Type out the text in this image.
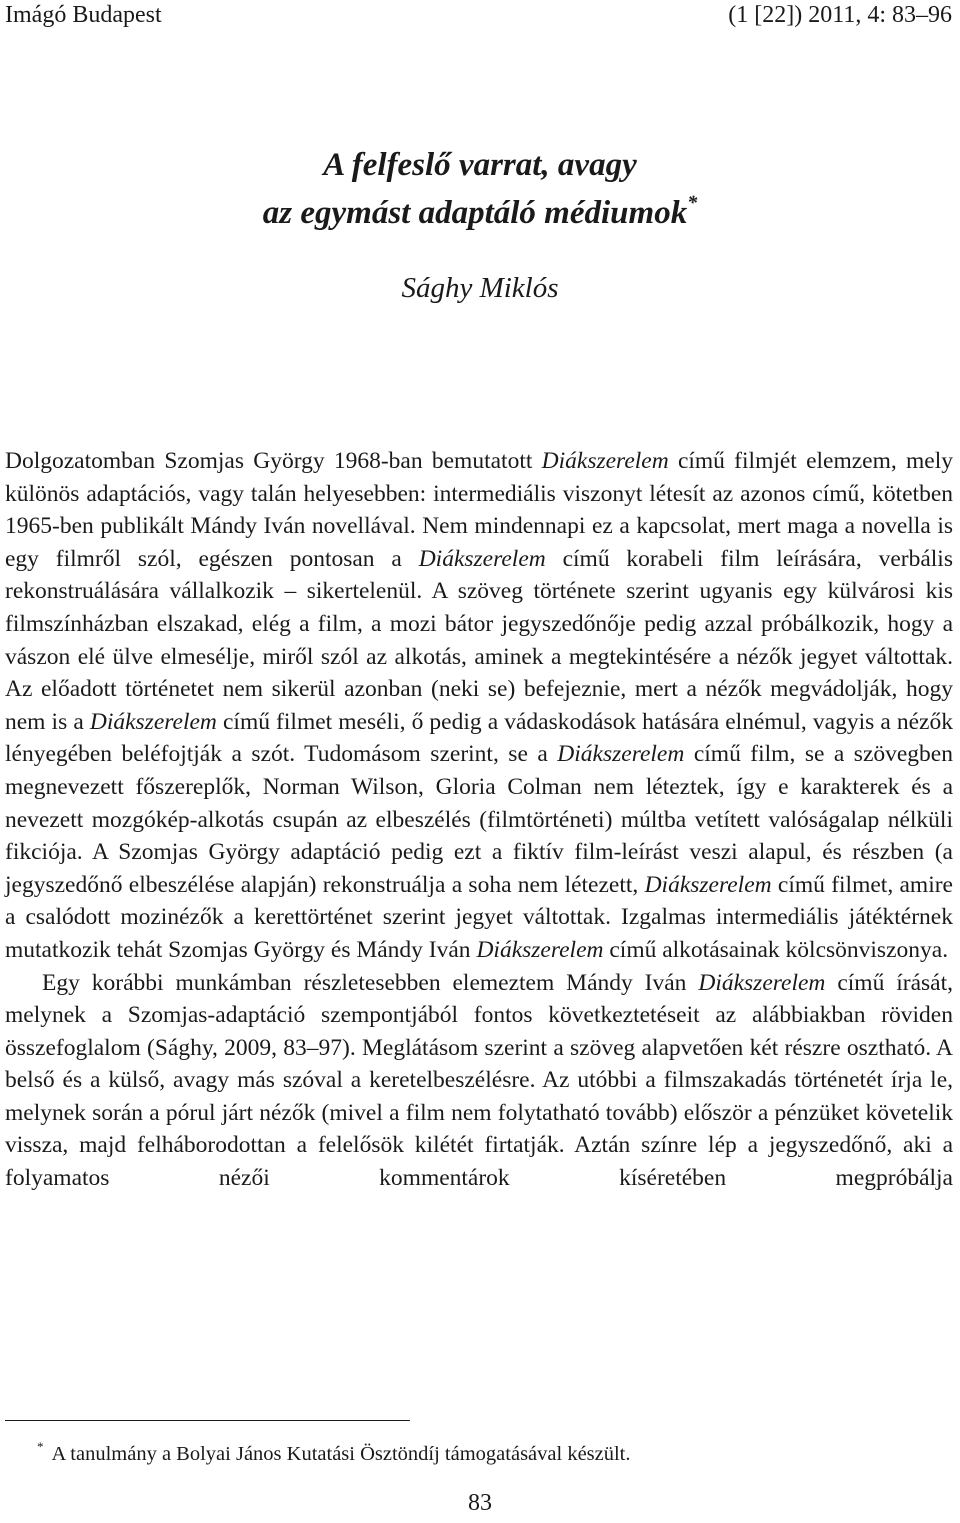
Imágó Budapest	(1 [22]) 2011, 4: 83–96
A felfeslő varrat, avagy
az egymást adaptáló médiumok*
Sághy Miklós

Dolgozatomban Szomjas György 1968-ban bemutatott Diákszerelem című filmjét elemzem, mely különös adaptációs, vagy talán helyesebben: intermediális viszonyt létesít az azonos című, kötetben 1965-ben publikált Mándy Iván novellával. Nem mindennapi ez a kapcsolat, mert maga a novella is egy filmről szól, egészen pontosan a Diákszerelem című korabeli film leírására, verbális rekonstruálására vállalkozik – sikertelenül. A szöveg története szerint ugyanis egy külvárosi kis filmszínházban elszakad, elég a film, a mozi bátor jegyszedőnője pedig azzal próbálkozik, hogy a vászon elé ülve elmesélje, miről szól az alkotás, aminek a megtekintésére a nézők jegyet váltottak. Az előadott történetet nem sikerül azonban (neki se) befejeznie, mert a nézők megvádolják, hogy nem is a Diákszerelem című filmet meséli, ő pedig a vádaskodások hatására elnémul, vagyis a nézők lényegében beléfojtják a szót. Tudomásom szerint, se a Diákszerelem című film, se a szövegben megnevezett főszereplők, Norman Wilson, Gloria Colman nem léteztek, így e karakterek és a nevezett mozgókép-alkotás csupán az elbeszélés (filmtörténeti) múltba vetített valóságalap nélküli fikciója. A Szomjas György adaptáció pedig ezt a fiktív film-leírást veszi alapul, és részben (a jegyszedőnő elbeszélése alapján) rekonstruálja a soha nem létezett, Diákszerelem című filmet, amire a csalódott mozinézők a kerettörténet szerint jegyet váltottak. Izgalmas intermediális játéktérnek mutatkozik tehát Szomjas György és Mándy Iván Diákszerelem című alkotásainak kölcsönviszonya.

Egy korábbi munkámban részletesebben elemeztem Mándy Iván Diákszerelem című írását, melynek a Szomjas-adaptáció szempontjából fontos következtetéseit az alábbiakban röviden összefoglalom (Sághy, 2009, 83–97). Meglátásom szerint a szöveg alapvetően két részre osztható. A belső és a külső, avagy más szóval a keretelbeszélésre. Az utóbbi a filmszakadás történetét írja le, melynek során a pórul járt nézők (mivel a film nem folytatható tovább) először a pénzüket követelik vissza, majd felháborodottan a felelősök kilétét firtatják. Aztán színre lép a jegyszedőnő, aki a folyamatos nézői kommentárok kíséretében megpróbálja

* A tanulmány a Bolyai János Kutatási Ösztöndíj támogatásával készült.
83
